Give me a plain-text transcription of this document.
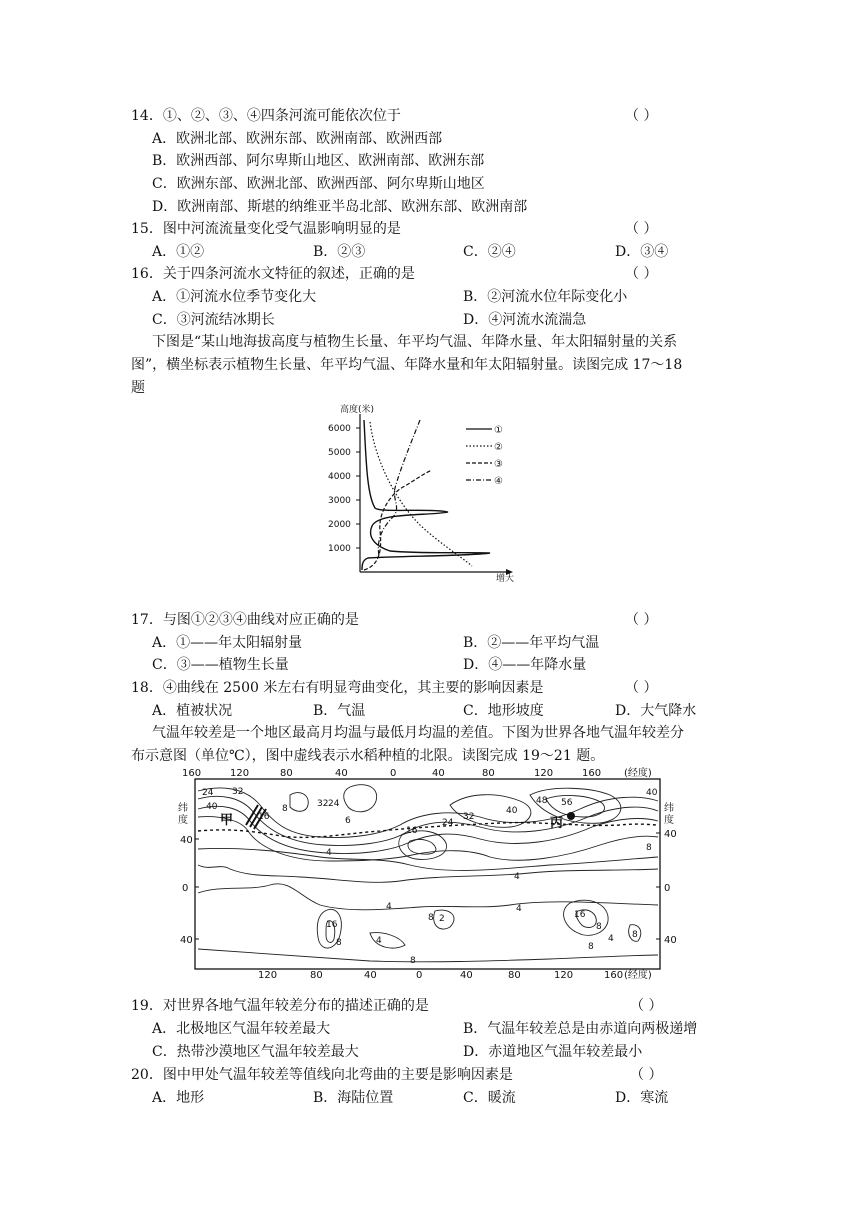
14．①、②、③、④四条河流可能依次位于	（ ）
A．欧洲北部、欧洲东部、欧洲南部、欧洲西部
B．欧洲西部、阿尔卑斯山地区、欧洲南部、欧洲东部
C．欧洲东部、欧洲北部、欧洲西部、阿尔卑斯山地区
D．欧洲南部、斯堪的纳维亚半岛北部、欧洲东部、欧洲南部
15．图中河流流量变化受气温影响明显的是	（ ）
A．①②	B．②③	C．②④	D．③④
16．关于四条河流水文特征的叙述，正确的是	（ ）
A．①河流水位季节变化大	B．②河流水位年际变化小
C．③河流结冰期长	D．④河流水流湍急
下图是“某山地海拔高度与植物生长量、年平均气温、年降水量、年太阳辐射量的关系
图”，横坐标表示植物生长量、年平均气温、年降水量和年太阳辐射量。读图完成 17～18
题
高度(米)
增大
1000
2000
3000
4000
5000
6000	①
②
③
④
17．与图①②③④曲线对应正确的是	（ ）
A．①——年太阳辐射量	B．②——年平均气温
C．③——植物生长量	D．④——年降水量
18．④曲线在 2500 米左右有明显弯曲变化，其主要的影响因素是	（ ）
A．植被状况	B．气温	C．地形坡度	D．大气降水
气温年较差是一个地区最高月均温与最低月均温的差值。下图为世界各地气温年较差分
布示意图（单位℃），图中虚线表示水稻种植的北限。读图完成 19～21 题。
160	120	80	40	0	40	80	120	160 (经度)
纬
度
纬
度
40
0
40
40
0
40
甲	丙
24 32
40	32 24
16
8
4
6
16
24
32
40
48 56
40
8
4
4	4
16
8
2
8
16
8	4
8
8
4
8
120	80	40	0	40	80	120	160 (经度)
19．对世界各地气温年较差分布的描述正确的是	（ ）
A．北极地区气温年较差最大	B．气温年较差总是由赤道向两极递增
C．热带沙漠地区气温年较差最大	D．赤道地区气温年较差最小
20．图中甲处气温年较差等值线向北弯曲的主要是影响因素是	（ ）
A．地形	B．海陆位置	C．暖流	D．寒流
